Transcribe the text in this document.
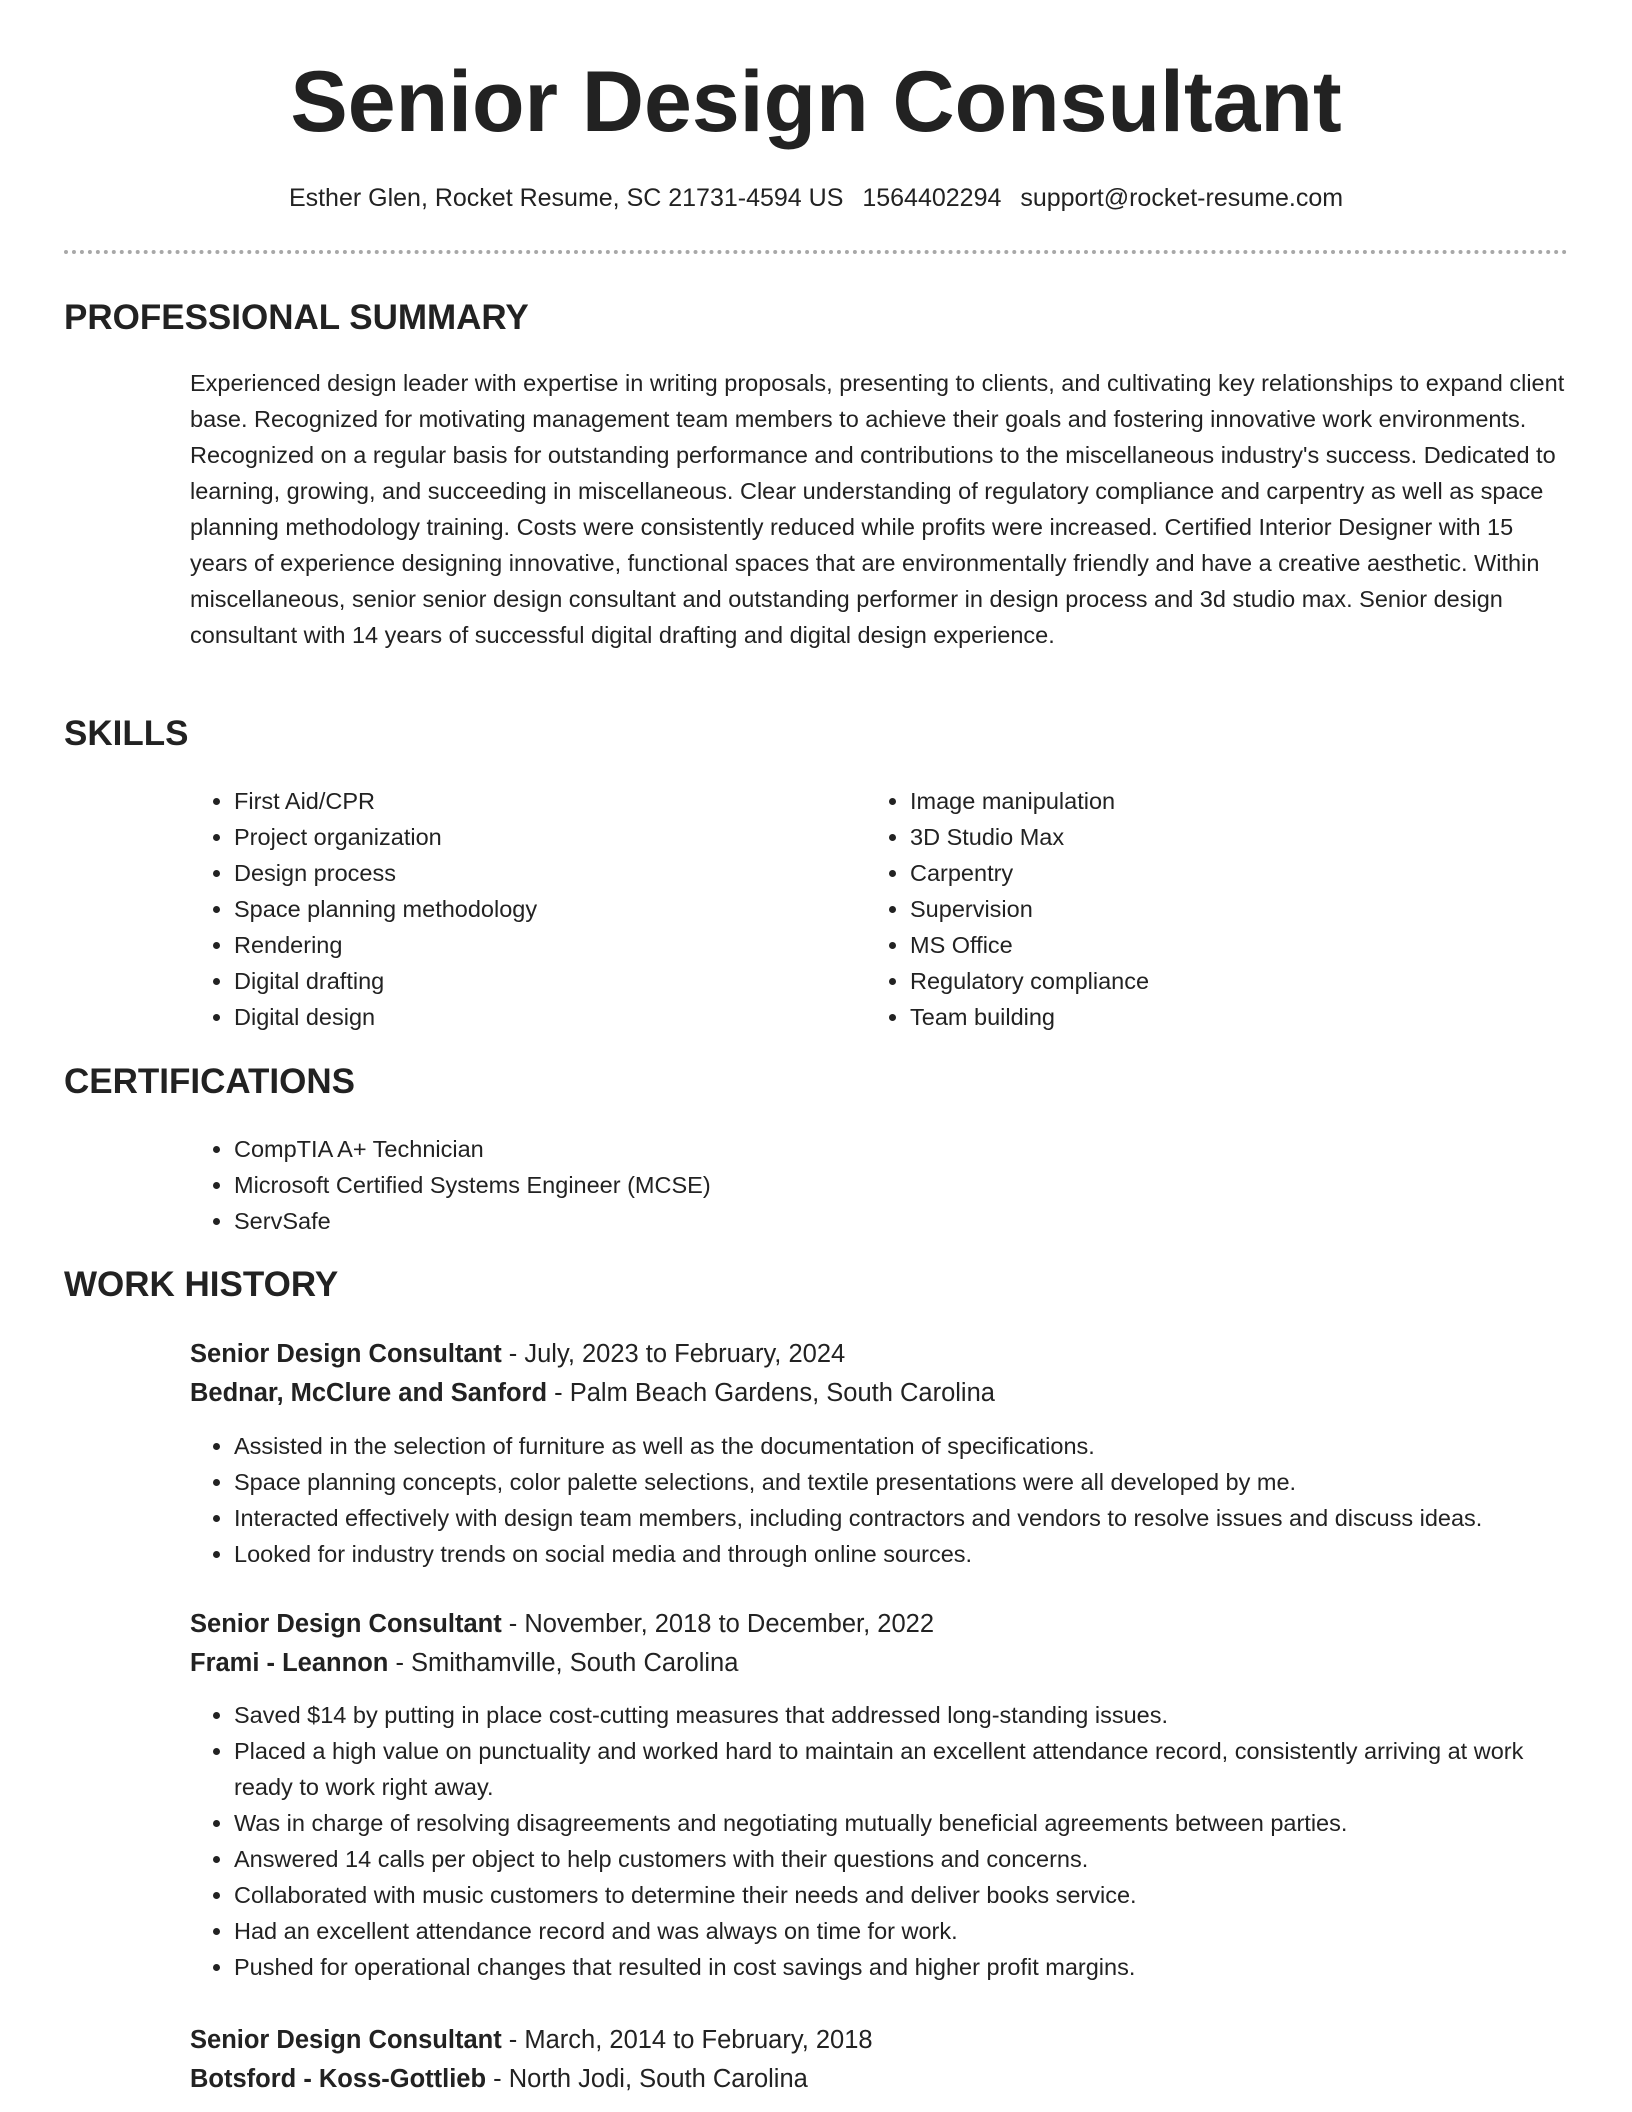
Senior Design Consultant
Esther Glen, Rocket Resume, SC 21731-4594 US 1564402294 support@rocket-resume.com
PROFESSIONAL SUMMARY

Experienced design leader with expertise in writing proposals, presenting to clients, and cultivating key relationships to expand client base. Recognized for motivating management team members to achieve their goals and fostering innovative work environments. Recognized on a regular basis for outstanding performance and contributions to the miscellaneous industry's success. Dedicated to learning, growing, and succeeding in miscellaneous. Clear understanding of regulatory compliance and carpentry as well as space planning methodology training. Costs were consistently reduced while profits were increased. Certified Interior Designer with 15 years of experience designing innovative, functional spaces that are environmentally friendly and have a creative aesthetic. Within miscellaneous, senior senior design consultant and outstanding performer in design process and 3d studio max. Senior design consultant with 14 years of successful digital drafting and digital design experience.

SKILLS
• First Aid/CPR
• Project organization
• Design process
• Space planning methodology
• Rendering
• Digital drafting
• Digital design
• Image manipulation
• 3D Studio Max
• Carpentry
• Supervision
• MS Office
• Regulatory compliance
• Team building
CERTIFICATIONS
• CompTIA A+ Technician
• Microsoft Certified Systems Engineer (MCSE)
• ServSafe
WORK HISTORY
Senior Design Consultant - July, 2023 to February, 2024
Bednar, McClure and Sanford - Palm Beach Gardens, South Carolina
• Assisted in the selection of furniture as well as the documentation of specifications.
• Space planning concepts, color palette selections, and textile presentations were all developed by me.
• Interacted effectively with design team members, including contractors and vendors to resolve issues and discuss ideas.
• Looked for industry trends on social media and through online sources.
Senior Design Consultant - November, 2018 to December, 2022
Frami - Leannon - Smithamville, South Carolina
• Saved $14 by putting in place cost-cutting measures that addressed long-standing issues.
• Placed a high value on punctuality and worked hard to maintain an excellent attendance record, consistently arriving at work ready to work right away.
• Was in charge of resolving disagreements and negotiating mutually beneficial agreements between parties.
• Answered 14 calls per object to help customers with their questions and concerns.
• Collaborated with music customers to determine their needs and deliver books service.
• Had an excellent attendance record and was always on time for work.
• Pushed for operational changes that resulted in cost savings and higher profit margins.
Senior Design Consultant - March, 2014 to February, 2018
Botsford - Koss-Gottlieb - North Jodi, South Carolina
